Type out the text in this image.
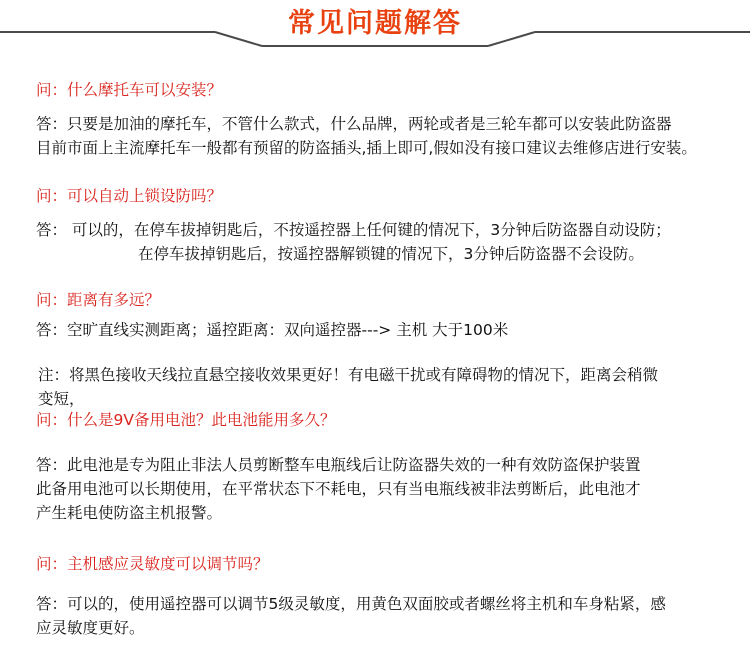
常见问题解答
问：什么摩托车可以安装？
答：只要是加油的摩托车，不管什么款式，什么品牌，两轮或者是三轮车都可以安装此防盗器
目前市面上主流摩托车一般都有预留的防盗插头,插上即可,假如没有接口建议去维修店进行安装。
问：可以自动上锁设防吗？
答： 可以的，在停车拔掉钥匙后，不按遥控器上任何键的情况下，3分钟后防盗器自动设防；
在停车拔掉钥匙后，按遥控器解锁键的情况下，3分钟后防盗器不会设防。
问：距离有多远？
答：空旷直线实测距离；遥控距离：双向遥控器---> 主机 大于100米
注：将黑色接收天线拉直悬空接收效果更好！有电磁干扰或有障碍物的情况下，距离会稍微
变短，
问：什么是9V备用电池？此电池能用多久？
答：此电池是专为阻止非法人员剪断整车电瓶线后让防盗器失效的一种有效防盗保护装置
此备用电池可以长期使用，在平常状态下不耗电，只有当电瓶线被非法剪断后，此电池才
产生耗电使防盗主机报警。
问：主机感应灵敏度可以调节吗？
答：可以的，使用遥控器可以调节5级灵敏度，用黄色双面胶或者螺丝将主机和车身粘紧，感
应灵敏度更好。
